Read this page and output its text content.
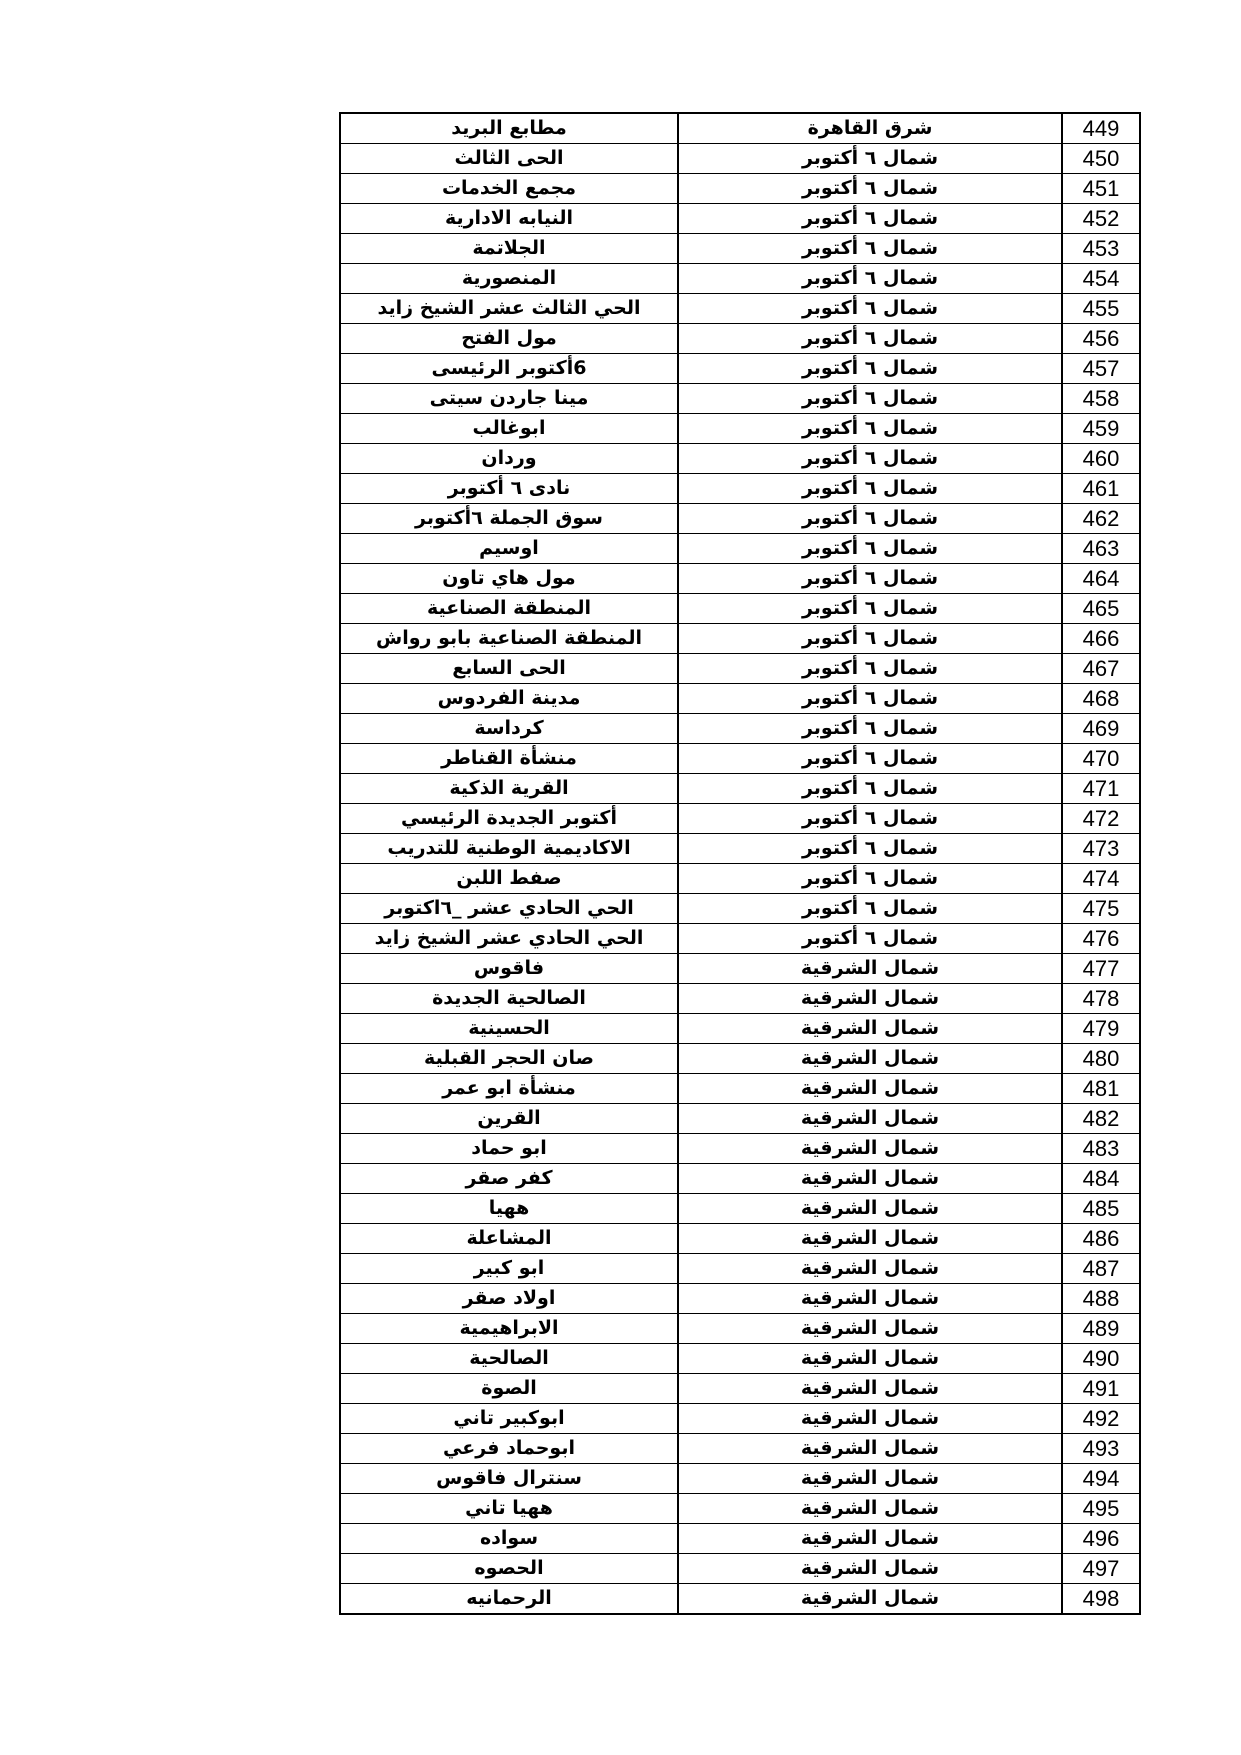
مطابع البريد	شرق القاهرة	449
الحى الثالث	شمال ٦ أكتوبر	450
مجمع الخدمات	شمال ٦ أكتوبر	451
النيابه الادارية	شمال ٦ أكتوبر	452
الجلاتمة	شمال ٦ أكتوبر	453
المنصورية	شمال ٦ أكتوبر	454
الحي الثالث عشر الشيخ زايد	شمال ٦ أكتوبر	455
مول الفتح	شمال ٦ أكتوبر	456
6أكتوبر الرئيسى	شمال ٦ أكتوبر	457
مينا جاردن سيتى	شمال ٦ أكتوبر	458
ابوغالب	شمال ٦ أكتوبر	459
وردان	شمال ٦ أكتوبر	460
نادى ٦ أكتوبر	شمال ٦ أكتوبر	461
سوق الجملة ٦أكتوبر	شمال ٦ أكتوبر	462
اوسيم	شمال ٦ أكتوبر	463
مول هاي تاون	شمال ٦ أكتوبر	464
المنطقة الصناعية	شمال ٦ أكتوبر	465
المنطقة الصناعية بابو رواش	شمال ٦ أكتوبر	466
الحى السابع	شمال ٦ أكتوبر	467
مدينة الفردوس	شمال ٦ أكتوبر	468
كرداسة	شمال ٦ أكتوبر	469
منشأة القناطر	شمال ٦ أكتوبر	470
القرية الذكية	شمال ٦ أكتوبر	471
أكتوبر الجديدة الرئيسي	شمال ٦ أكتوبر	472
الاكاديمية الوطنية للتدريب	شمال ٦ أكتوبر	473
صفط اللبن	شمال ٦ أكتوبر	474
الحي الحادي عشر _٦اكتوبر	شمال ٦ أكتوبر	475
الحي الحادي عشر الشيخ زايد	شمال ٦ أكتوبر	476
فاقوس	شمال الشرقية	477
الصالحية الجديدة	شمال الشرقية	478
الحسينية	شمال الشرقية	479
صان الحجر القبلية	شمال الشرقية	480
منشأة ابو عمر	شمال الشرقية	481
القرين	شمال الشرقية	482
ابو حماد	شمال الشرقية	483
كفر صقر	شمال الشرقية	484
ههيا	شمال الشرقية	485
المشاعلة	شمال الشرقية	486
ابو كبير	شمال الشرقية	487
اولاد صقر	شمال الشرقية	488
الابراهيمية	شمال الشرقية	489
الصالحية	شمال الشرقية	490
الصوة	شمال الشرقية	491
ابوكبير تاني	شمال الشرقية	492
ابوحماد فرعي	شمال الشرقية	493
سنترال فاقوس	شمال الشرقية	494
ههيا تاني	شمال الشرقية	495
سواده	شمال الشرقية	496
الحصوه	شمال الشرقية	497
الرحمانيه	شمال الشرقية	498
